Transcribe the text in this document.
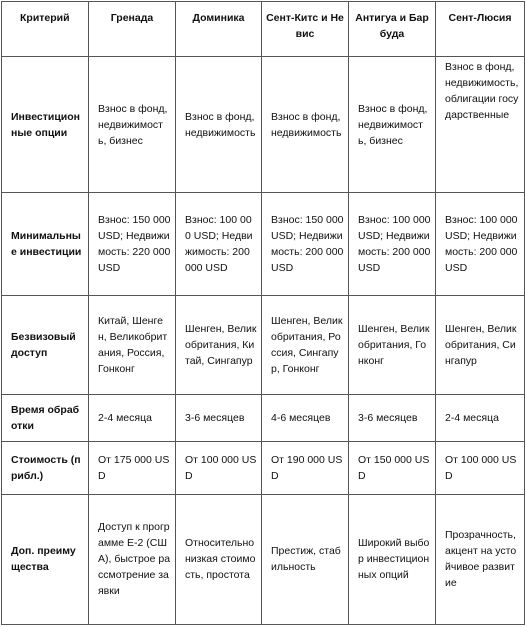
Критерий	Гренада	Доминика	Сент-Китс и Невис	Антигуа и Барбуда	Сент-Люсия
Инвестиционные опции	Взнос в фонд, недвижимость, бизнес	Взнос в фонд, недвижимость	Взнос в фонд, недвижимость	Взнос в фонд, недвижимость, бизнес	Взнос в фонд, недвижимость, облигации государственные
Минимальные инвестиции	Взнос: 150 000 USD; Недвижимость: 220 000 USD	Взнос: 100 000 USD; Недвижимость: 200 000 USD	Взнос: 150 000 USD; Недвижимость: 200 000 USD	Взнос: 100 000 USD; Недвижимость: 200 000 USD	Взнос: 100 000 USD; Недвижимость: 200 000 USD
Безвизовый доступ	Китай, Шенген, Великобритания, Россия, Гонконг	Шенген, Великобритания, Китай, Сингапур	Шенген, Великобритания, Россия, Сингапур, Гонконг	Шенген, Великобритания, Гонконг	Шенген, Великобритания, Сингапур
Время обработки	2-4 месяца	3-6 месяцев	4-6 месяцев	3-6 месяцев	2-4 месяца
Стоимость (прибл.)	От 175 000 USD	От 100 000 USD	От 190 000 USD	От 150 000 USD	От 100 000 USD
Доп. преимущества	Доступ к программе E-2 (США), быстрое рассмотрение заявки	Относительно низкая стоимость, простота	Престиж, стабильность	Широкий выбор инвестиционных опций	Прозрачность, акцент на устойчивое развитие
